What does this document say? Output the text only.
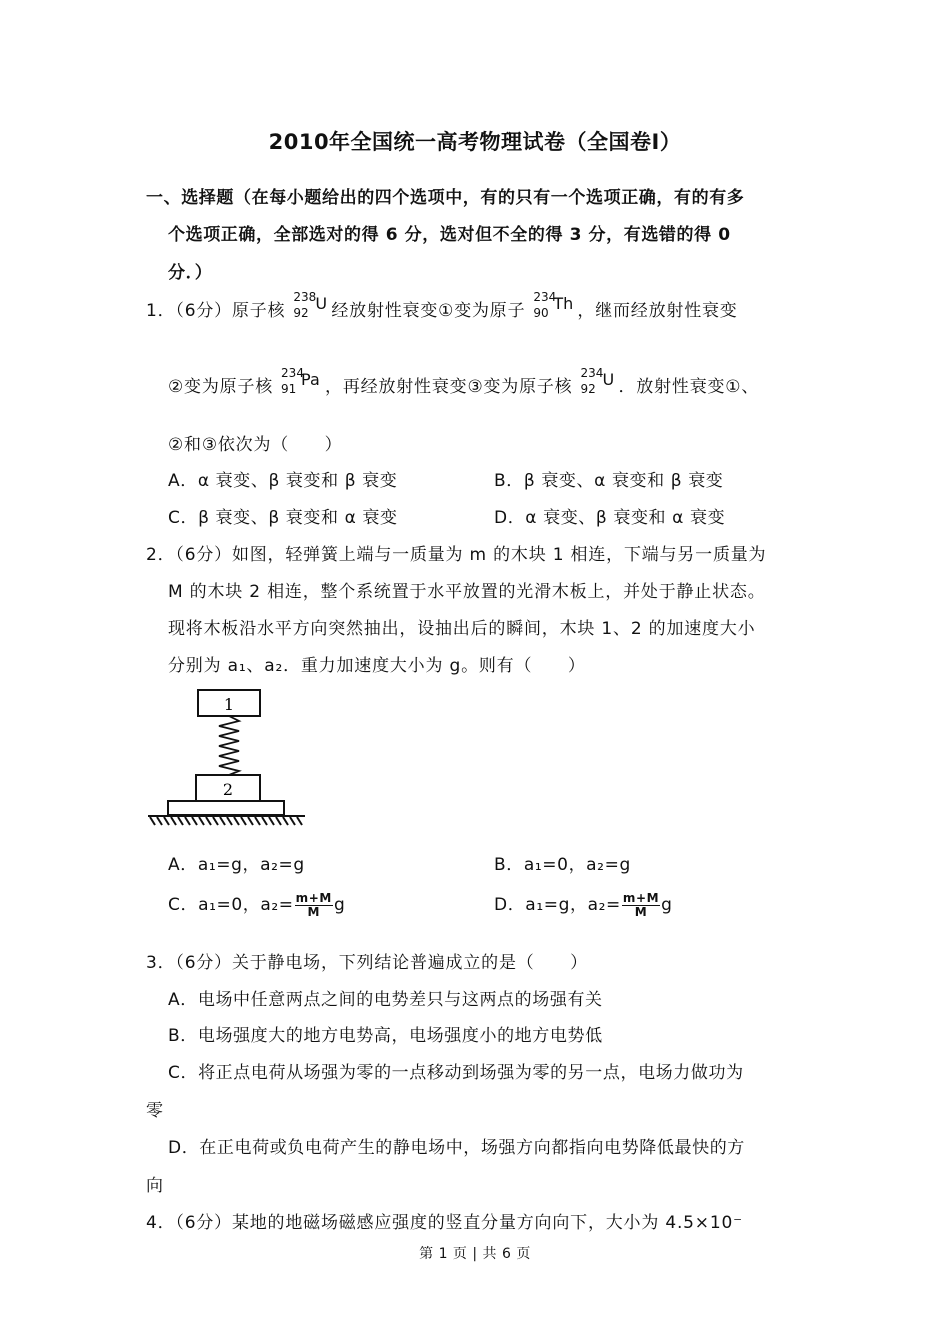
2010年全国统一高考物理试卷（全国卷Ⅰ）
一、选择题（在每小题给出的四个选项中，有的只有一个选项正确，有的有多
个选项正确，全部选对的得 6 分，选对但不全的得 3 分，有选错的得 0
分．）
1．（6分）原子核
238
92 U 经放射性衰变①变为原子
234
90 Th ，继而经放射性衰变
②变为原子核
234
91 Pa ，再经放射性衰变③变为原子核
234
92 U ．放射性衰变①、
②和③依次为（　　）
A．α 衰变、β 衰变和 β 衰变	B．β 衰变、α 衰变和 β 衰变
C．β 衰变、β 衰变和 α 衰变	D．α 衰变、β 衰变和 α 衰变
2．（6分）如图，轻弹簧上端与一质量为 m 的木块 1 相连，下端与另一质量为
M 的木块 2 相连，整个系统置于水平放置的光滑木板上，并处于静止状态。
现将木板沿水平方向突然抽出，设抽出后的瞬间，木块 1、2 的加速度大小
分别为 a₁、a₂．重力加速度大小为 g。则有（　　）
1
2
A．a₁=g，a₂=g	B．a₁=0，a₂=g
C．a₁=0，$a_2= \frac{m+M}{M}$ g	D．a₁=g，$a_2= \frac{m+M}{M}$ g
3．（6分）关于静电场，下列结论普遍成立的是（　　）
A．电场中任意两点之间的电势差只与这两点的场强有关
B．电场强度大的地方电势高，电场强度小的地方电势低
C．将正点电荷从场强为零的一点移动到场强为零的另一点，电场力做功为
零
D．在正电荷或负电荷产生的静电场中，场强方向都指向电势降低最快的方
向
4．（6分）某地的地磁场磁感应强度的竖直分量方向向下，大小为 4.5×10⁻
第 1 页 | 共 6 页
